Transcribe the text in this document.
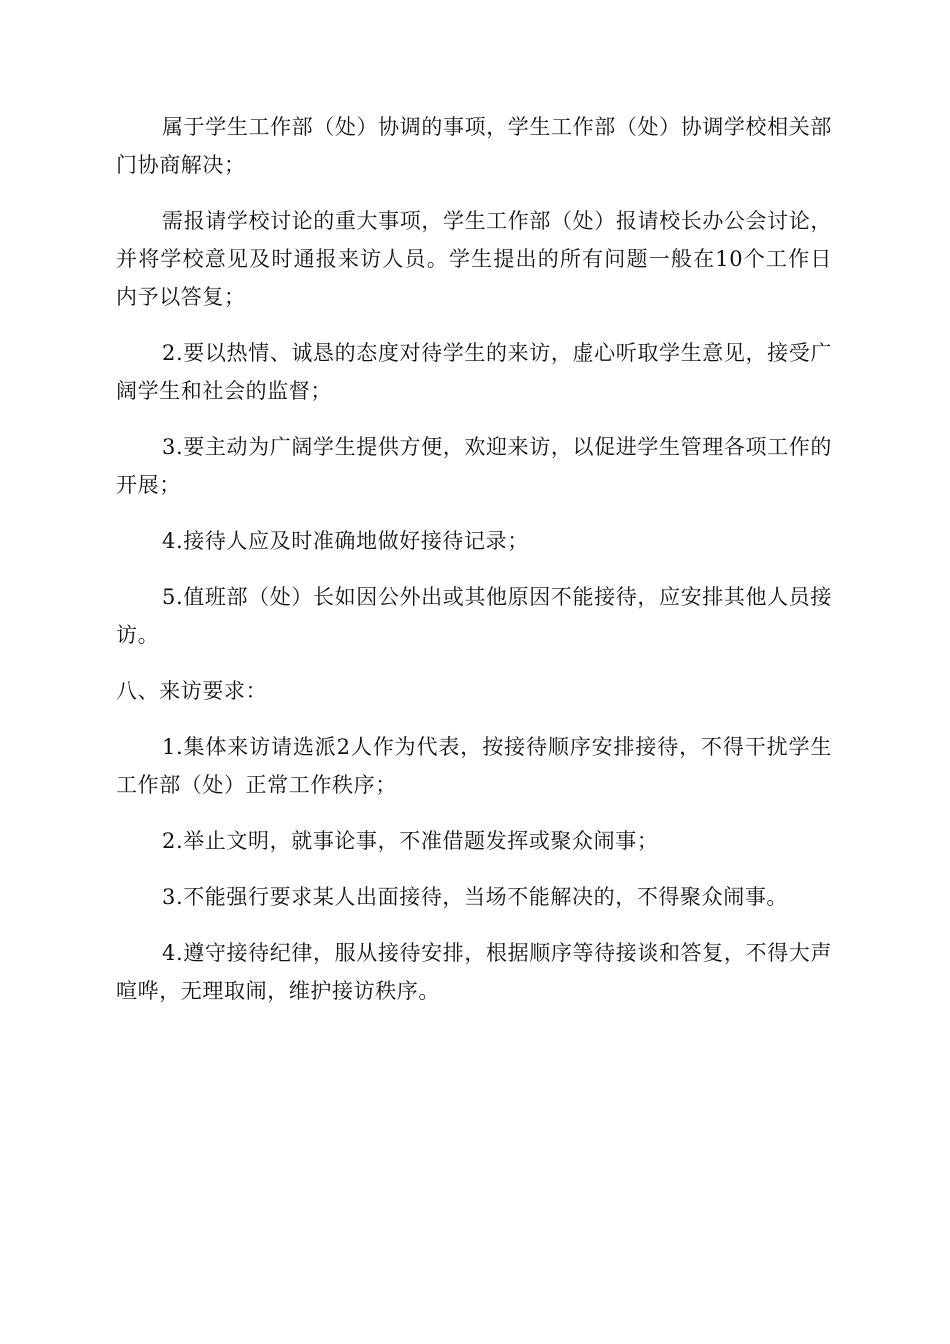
属于学生工作部（处）协调的事项，学生工作部（处）协调学校相关部门协商解决；

需报请学校讨论的重大事项，学生工作部（处）报请校长办公会讨论，并将学校意见及时通报来访人员。学生提出的所有问题一般在10个工作日内予以答复；

2.要以热情、诚恳的态度对待学生的来访，虚心听取学生意见，接受广阔学生和社会的监督；

3.要主动为广阔学生提供方便，欢迎来访，以促进学生管理各项工作的开展；

4.接待人应及时准确地做好接待记录；

5.值班部（处）长如因公外出或其他原因不能接待，应安排其他人员接访。

八、来访要求：

1.集体来访请选派2人作为代表，按接待顺序安排接待，不得干扰学生工作部（处）正常工作秩序；

2.举止文明，就事论事，不准借题发挥或聚众闹事；

3.不能强行要求某人出面接待，当场不能解决的，不得聚众闹事。

4.遵守接待纪律，服从接待安排，根据顺序等待接谈和答复，不得大声喧哗，无理取闹，维护接访秩序。
